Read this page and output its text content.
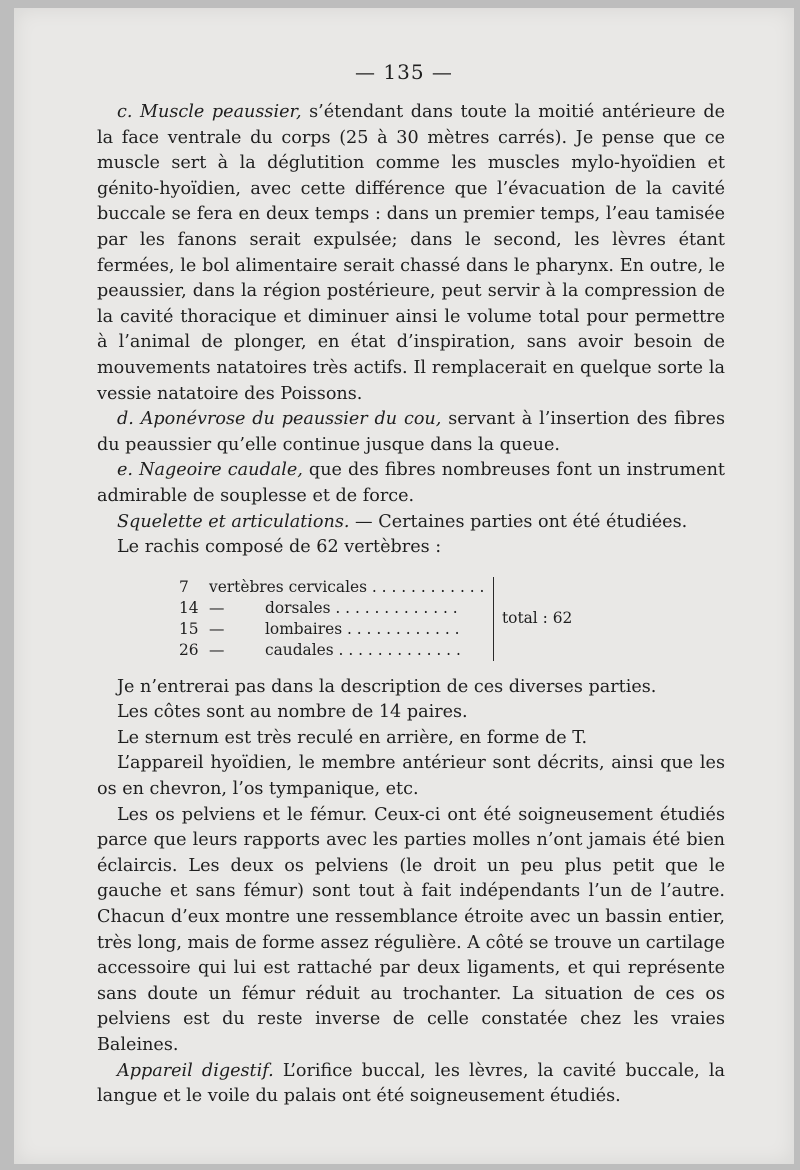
— 135 —

c. Muscle peaussier, s’étendant dans toute la moitié antérieure de la face ventrale du corps (25 à 30 mètres carrés). Je pense que ce muscle sert à la déglutition comme les muscles mylo-hyoïdien et génito-hyoïdien, avec cette différence que l’évacuation de la cavité buccale se fera en deux temps : dans un premier temps, l’eau tamisée par les fanons serait expulsée; dans le second, les lèvres étant fermées, le bol alimentaire serait chassé dans le pharynx. En outre, le peaussier, dans la région postérieure, peut servir à la compression de la cavité thoracique et diminuer ainsi le volume total pour permettre à l’animal de plonger, en état d’inspiration, sans avoir besoin de mouvements natatoires très actifs. Il remplacerait en quelque sorte la vessie natatoire des Poissons.

d. Aponévrose du peaussier du cou, servant à l’insertion des fibres du peaussier qu’elle continue jusque dans la queue.

e. Nageoire caudale, que des fibres nombreuses font un instrument admirable de souplesse et de force.

Squelette et articulations. — Certaines parties ont été étudiées.

Le rachis composé de 62 vertèbres :

7	vertèbres cervicales . . . . . . . . . . . .			total : 62
14	—	dorsales . . . . . . . . . . . . .		
15	—	lombaires . . . . . . . . . . . .		
26	—	caudales . . . . . . . . . . . . .		

Je n’entrerai pas dans la description de ces diverses parties.

Les côtes sont au nombre de 14 paires.

Le sternum est très reculé en arrière, en forme de T.

L’appareil hyoïdien, le membre antérieur sont décrits, ainsi que les os en chevron, l’os tympanique, etc.

Les os pelviens et le fémur. Ceux-ci ont été soigneusement étudiés parce que leurs rapports avec les parties molles n’ont jamais été bien éclaircis. Les deux os pelviens (le droit un peu plus petit que le gauche et sans fémur) sont tout à fait indépendants l’un de l’autre. Chacun d’eux montre une ressemblance étroite avec un bassin entier, très long, mais de forme assez régulière. A côté se trouve un cartilage accessoire qui lui est rattaché par deux ligaments, et qui représente sans doute un fémur réduit au trochanter. La situation de ces os pelviens est du reste inverse de celle constatée chez les vraies Baleines.

Appareil digestif. L’orifice buccal, les lèvres, la cavité buccale, la langue et le voile du palais ont été soigneusement étudiés.
